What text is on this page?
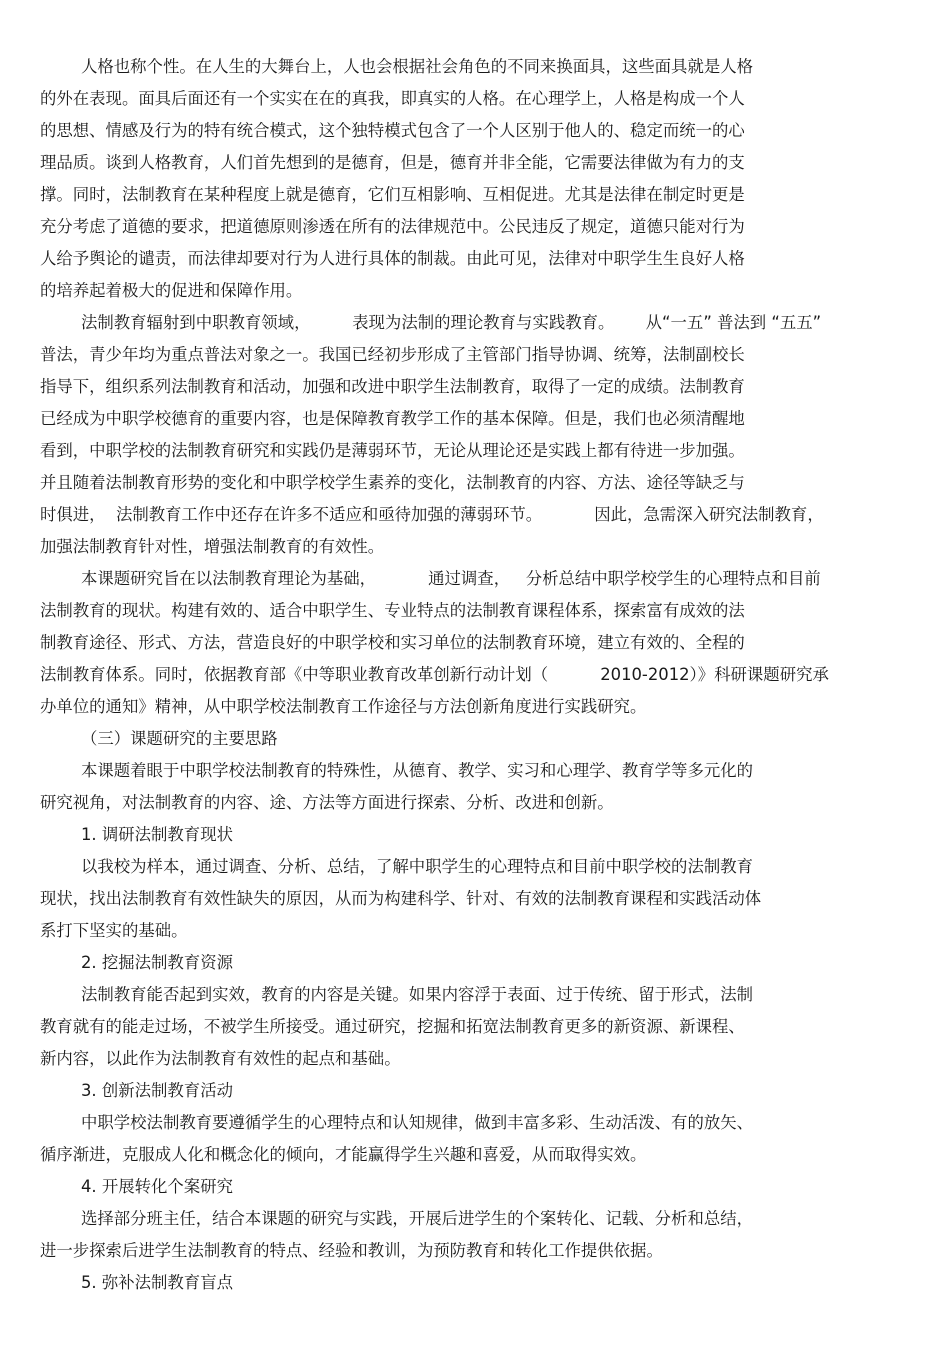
人格也称个性。在人生的大舞台上，人也会根据社会角色的不同来换面具，这些面具就是人格
的外在表现。面具后面还有一个实实在在的真我，即真实的人格。在心理学上，人格是构成一个人
的思想、情感及行为的特有统合模式，这个独特模式包含了一个人区别于他人的、稳定而统一的心
理品质。谈到人格教育，人们首先想到的是德育，但是，德育并非全能，它需要法律做为有力的支
撑。同时，法制教育在某种程度上就是德育，它们互相影响、互相促进。尤其是法律在制定时更是
充分考虑了道德的要求，把道德原则渗透在所有的法律规范中。公民违反了规定，道德只能对行为
人给予舆论的谴责，而法律却要对行为人进行具体的制裁。由此可见，法律对中职学生生良好人格
的培养起着极大的促进和保障作用。
法制教育辐射到中职教育领域，        表现为法制的理论教育与实践教育。      从“一五” 普法到 “五五”
普法，青少年均为重点普法对象之一。我国已经初步形成了主管部门指导协调、统筹，法制副校长
指导下，组织系列法制教育和活动，加强和改进中职学生法制教育，取得了一定的成绩。法制教育
已经成为中职学校德育的重要内容，也是保障教育教学工作的基本保障。但是，我们也必须清醒地
看到，中职学校的法制教育研究和实践仍是薄弱环节，无论从理论还是实践上都有待进一步加强。
并且随着法制教育形势的变化和中职学校学生素养的变化，法制教育的内容、方法、途径等缺乏与
时俱进，  法制教育工作中还存在许多不适应和亟待加强的薄弱环节。          因此，急需深入研究法制教育，
加强法制教育针对性，增强法制教育的有效性。
本课题研究旨在以法制教育理论为基础，          通过调查，   分析总结中职学校学生的心理特点和目前
法制教育的现状。构建有效的、适合中职学生、专业特点的法制教育课程体系，探索富有成效的法
制教育途径、形式、方法，营造良好的中职学校和实习单位的法制教育环境，建立有效的、全程的
法制教育体系。同时，依据教育部《中等职业教育改革创新行动计划（          2010-2012）》科研课题研究承
办单位的通知》精神，从中职学校法制教育工作途径与方法创新角度进行实践研究。
（三）课题研究的主要思路
本课题着眼于中职学校法制教育的特殊性，从德育、教学、实习和心理学、教育学等多元化的
研究视角，对法制教育的内容、途、方法等方面进行探索、分析、改进和创新。
1. 调研法制教育现状
以我校为样本，通过调查、分析、总结，了解中职学生的心理特点和目前中职学校的法制教育
现状，找出法制教育有效性缺失的原因，从而为构建科学、针对、有效的法制教育课程和实践活动体
系打下坚实的基础。
2. 挖掘法制教育资源
法制教育能否起到实效，教育的内容是关键。如果内容浮于表面、过于传统、留于形式，法制
教育就有的能走过场，不被学生所接受。通过研究，挖掘和拓宽法制教育更多的新资源、新课程、
新内容，以此作为法制教育有效性的起点和基础。
3. 创新法制教育活动
中职学校法制教育要遵循学生的心理特点和认知规律，做到丰富多彩、生动活泼、有的放矢、
循序渐进，克服成人化和概念化的倾向，才能赢得学生兴趣和喜爱，从而取得实效。
4. 开展转化个案研究
选择部分班主任，结合本课题的研究与实践，开展后进学生的个案转化、记载、分析和总结，
进一步探索后进学生法制教育的特点、经验和教训，为预防教育和转化工作提供依据。
5. 弥补法制教育盲点
